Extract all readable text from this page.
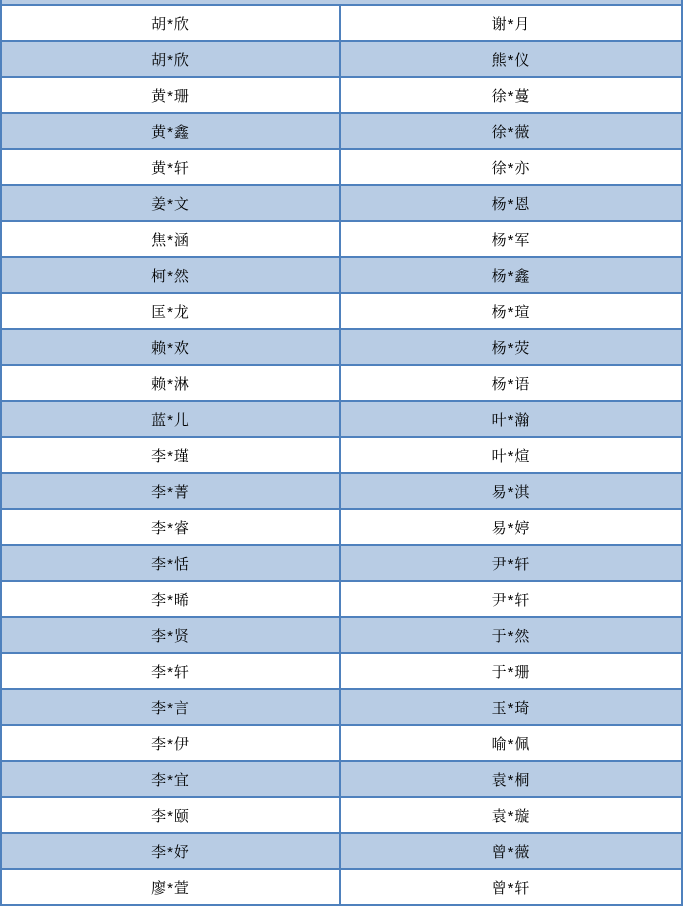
胡*欣	谢*月
胡*欣	熊*仪
黄*珊	徐*蔓
黄*鑫	徐*薇
黄*轩	徐*亦
姜*文	杨*恩
焦*涵	杨*军
柯*然	杨*鑫
匡*龙	杨*瑄
赖*欢	杨*荧
赖*淋	杨*语
蓝*儿	叶*瀚
李*瑾	叶*煊
李*菁	易*淇
李*睿	易*婷
李*恬	尹*轩
李*晞	尹*轩
李*贤	于*然
李*轩	于*珊
李*言	玉*琦
李*伊	喻*佩
李*宜	袁*桐
李*颐	袁*璇
李*妤	曾*薇
廖*萱	曾*轩
